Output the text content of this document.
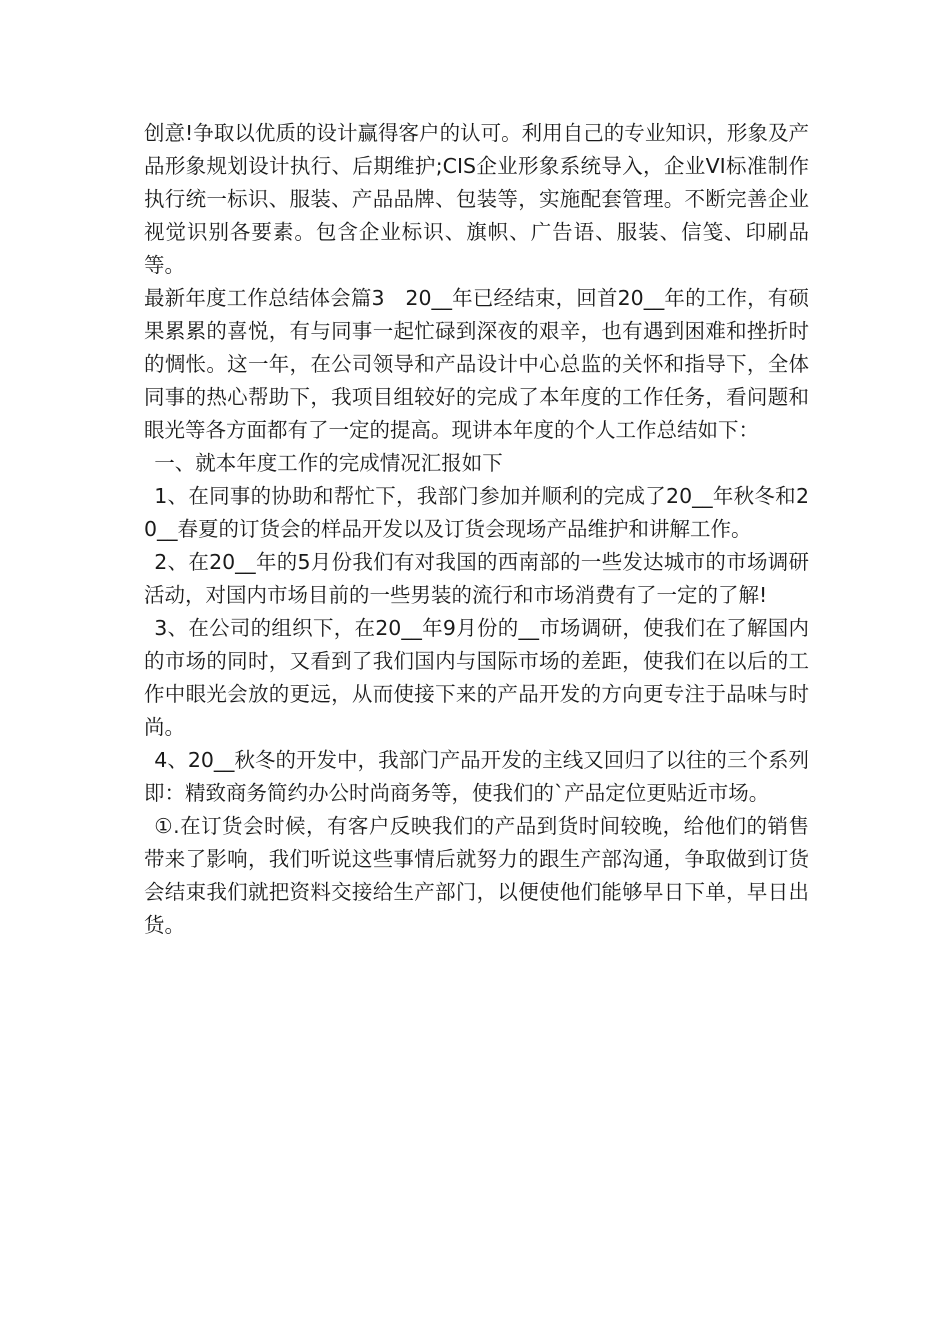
创意!争取以优质的设计赢得客户的认可。利用自己的专业知识，形象及产品形象规划设计执行、后期维护;CIS企业形象系统导入，企业VI标准制作执行统一标识、服装、产品品牌、包装等，实施配套管理。不断完善企业视觉识别各要素。包含企业标识、旗帜、广告语、服装、信笺、印刷品等。

最新年度工作总结体会篇3　20__年已经结束，回首20__年的工作，有硕果累累的喜悦，有与同事一起忙碌到深夜的艰辛，也有遇到困难和挫折时的惆怅。这一年，在公司领导和产品设计中心总监的关怀和指导下，全体同事的热心帮助下，我项目组较好的完成了本年度的工作任务，看问题和眼光等各方面都有了一定的提高。现讲本年度的个人工作总结如下：

一、就本年度工作的完成情况汇报如下

1、在同事的协助和帮忙下，我部门参加并顺利的完成了20__年秋冬和20__春夏的订货会的样品开发以及订货会现场产品维护和讲解工作。

2、在20__年的5月份我们有对我国的西南部的一些发达城市的市场调研活动，对国内市场目前的一些男装的流行和市场消费有了一定的了解!

3、在公司的组织下，在20__年9月份的__市场调研，使我们在了解国内的市场的同时，又看到了我们国内与国际市场的差距，使我们在以后的工作中眼光会放的更远，从而使接下来的产品开发的方向更专注于品味与时尚。

4、20__秋冬的开发中，我部门产品开发的主线又回归了以往的三个系列即：精致商务简约办公时尚商务等，使我们的`产品定位更贴近市场。

①.在订货会时候，有客户反映我们的产品到货时间较晚，给他们的销售带来了影响，我们听说这些事情后就努力的跟生产部沟通，争取做到订货会结束我们就把资料交接给生产部门，以便使他们能够早日下单，早日出货。
